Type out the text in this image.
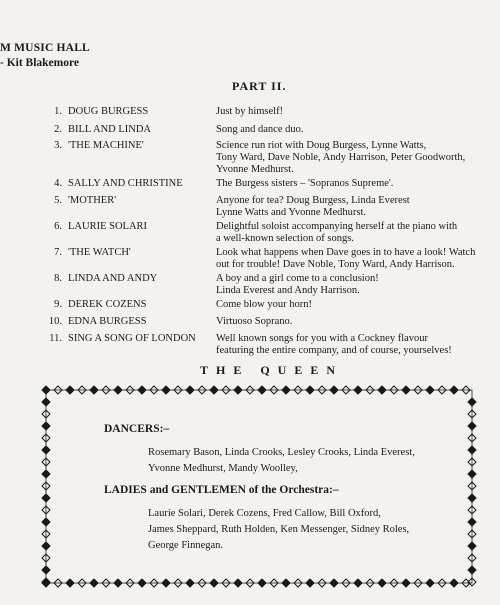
M MUSIC HALL
- Kit Blakemore
PART II.
1. DOUG BURGESS	Just by himself!
2. BILL AND LINDA	Song and dance duo.
3. 'THE MACHINE'	Science run riot with Doug Burgess, Lynne Watts,
Tony Ward, Dave Noble, Andy Harrison, Peter Goodworth,
Yvonne Medhurst.
4. SALLY AND CHRISTINE	The Burgess sisters – 'Sopranos Supreme'.
5. 'MOTHER'	Anyone for tea? Doug Burgess, Linda Everest
Lynne Watts and Yvonne Medhurst.
6. LAURIE SOLARI	Delightful soloist accompanying herself at the piano with
a well-known selection of songs.
7. 'THE WATCH'	Look what happens when Dave goes in to have a look! Watch
out for trouble! Dave Noble, Tony Ward, Andy Harrison.
8. LINDA AND ANDY	A boy and a girl come to a conclusion!
Linda Everest and Andy Harrison.
9. DEREK COZENS	Come blow your horn!
10. EDNA BURGESS	Virtuoso Soprano.
11. SING A SONG OF LONDON Well known songs for you with a Cockney flavour
featuring the entire company, and of course, yourselves!
THE QUEEN
DANCERS:–
Rosemary Bason, Linda Crooks, Lesley Crooks, Linda Everest,
Yvonne Medhurst, Mandy Woolley,
LADIES and GENTLEMEN of the Orchestra:–
Laurie Solari, Derek Cozens, Fred Callow, Bill Oxford,
James Sheppard, Ruth Holden, Ken Messenger, Sidney Roles,
George Finnegan.
